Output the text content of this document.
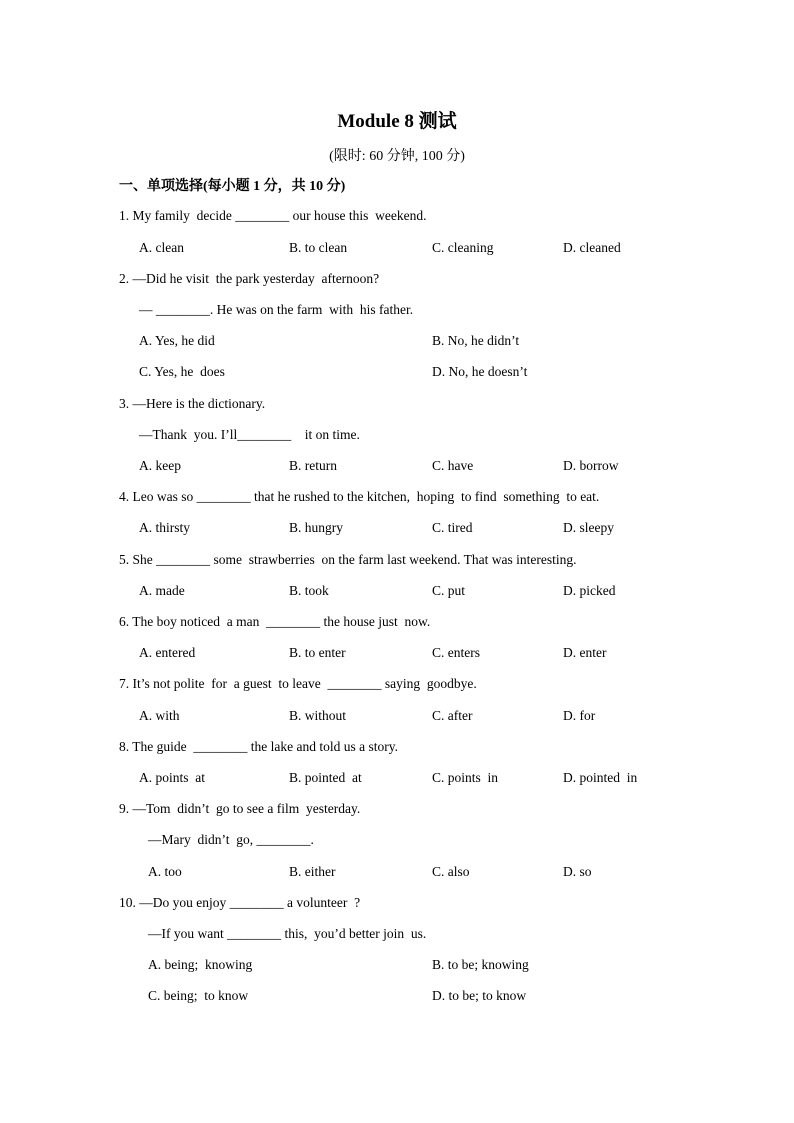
Module 8 测试
(限时: 60 分钟, 100 分)
一、单项选择(每小题 1 分，共 10 分)
1. My family  decide ________ our house this  weekend.
A. clean	B. to clean	C. cleaning	D. cleaned
2. —Did he visit  the park yesterday  afternoon?
— ________. He was on the farm  with  his father.
A. Yes, he did	B. No, he didn’t
C. Yes, he  does	D. No, he doesn’t
3. —Here is the dictionary.
—Thank  you. I’ll________    it on time.
A. keep	B. return	C. have	D. borrow
4. Leo was so ________ that he rushed to the kitchen,  hoping  to find  something  to eat.
A. thirsty	B. hungry	C. tired	D. sleepy
5. She ________ some  strawberries  on the farm last weekend. That was interesting.
A. made	B. took	C. put	D. picked
6. The boy noticed  a man  ________ the house just  now.
A. entered	B. to enter	C. enters	D. enter
7. It’s not polite  for  a guest  to leave  ________ saying  goodbye.
A. with	B. without	C. after	D. for
8. The guide  ________ the lake and told us a story.
A. points  at	B. pointed  at	C. points  in	D. pointed  in
9. —Tom  didn’t  go to see a film  yesterday.
—Mary  didn’t  go, ________.
A. too	B. either	C. also	D. so
10. —Do you enjoy ________ a volunteer  ?
—If you want ________ this,  you’d better join  us.
A. being;  knowing	B. to be; knowing
C. being;  to know	D. to be; to know
